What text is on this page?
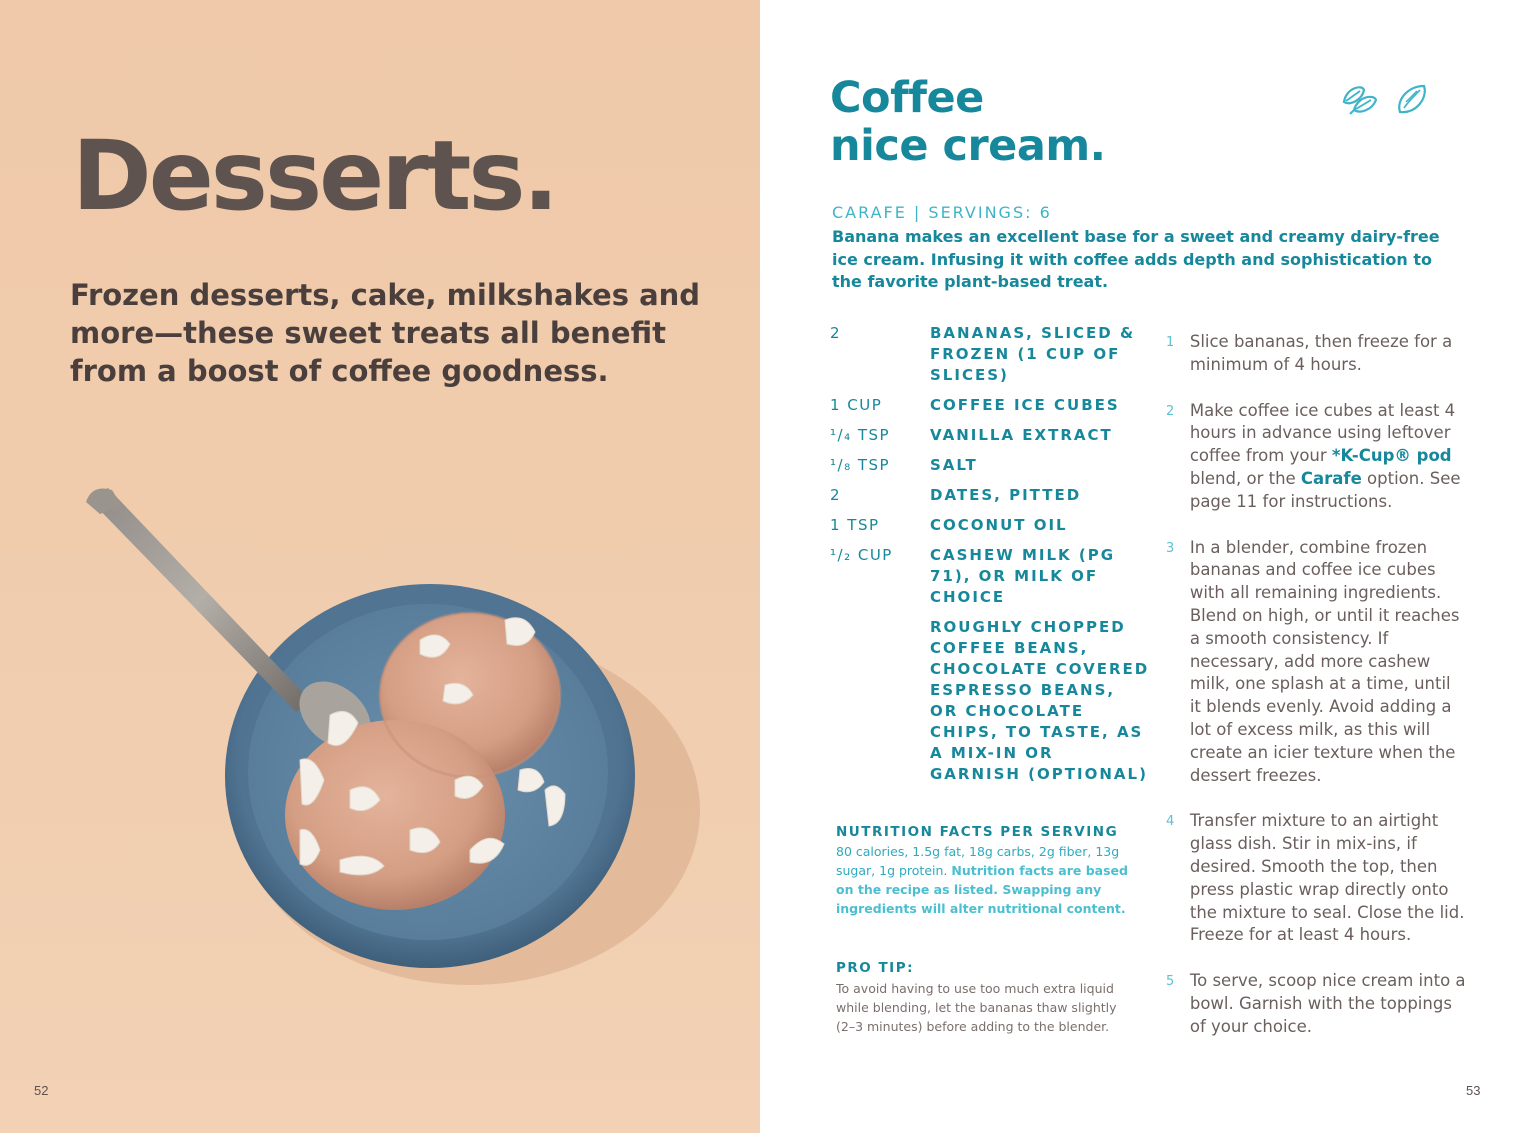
Desserts.
Frozen desserts, cake, milkshakes and more—these sweet treats all benefit from a boost of coffee goodness.
52
Coffee
nice cream.
CARAFE | SERVINGS: 6
Banana makes an excellent base for a sweet and creamy dairy-free ice cream. Infusing it with coffee adds depth and sophistication to the favorite plant-based treat.
2	BANANAS, SLICED & FROZEN (1 CUP OF SLICES)
1 CUP	COFFEE ICE CUBES
¹/₄ TSP	VANILLA EXTRACT
¹/₈ TSP	SALT
2	DATES, PITTED
1 TSP	COCONUT OIL
¹/₂ CUP	CASHEW MILK (PG 71), OR MILK OF CHOICE
ROUGHLY CHOPPED COFFEE BEANS, CHOCOLATE COVERED ESPRESSO BEANS, OR CHOCOLATE CHIPS, TO TASTE, AS A MIX-IN OR GARNISH (OPTIONAL)
NUTRITION FACTS PER SERVING
80 calories, 1.5g fat, 18g carbs, 2g fiber, 13g sugar, 1g protein. Nutrition facts are based on the recipe as listed. Swapping any ingredients will alter nutritional content.
PRO TIP:
To avoid having to use too much extra liquid while blending, let the bananas thaw slightly (2–3 minutes) before adding to the blender.
1 Slice bananas, then freeze for a minimum of 4 hours.
2 Make coffee ice cubes at least 4 hours in advance using leftover coffee from your *K-Cup® pod blend, or the Carafe option. See page 11 for instructions.
3 In a blender, combine frozen bananas and coffee ice cubes with all remaining ingredients. Blend on high, or until it reaches a smooth consistency. If necessary, add more cashew milk, one splash at a time, until it blends evenly. Avoid adding a lot of excess milk, as this will create an icier texture when the dessert freezes.
4 Transfer mixture to an airtight glass dish. Stir in mix-ins, if desired. Smooth the top, then press plastic wrap directly onto the mixture to seal. Close the lid. Freeze for at least 4 hours.
5 To serve, scoop nice cream into a bowl. Garnish with the toppings of your choice.
53
